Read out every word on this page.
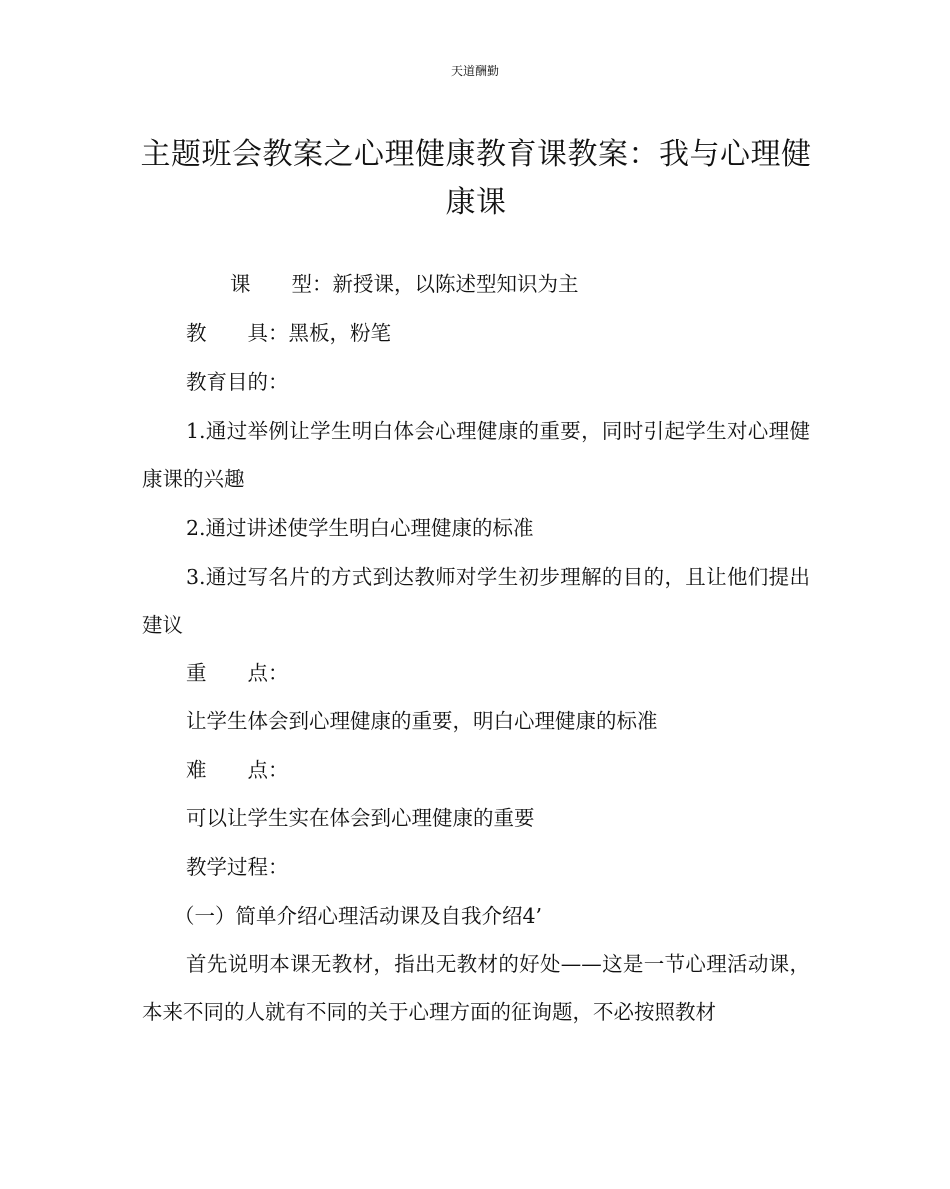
天道酬勤
主题班会教案之心理健康教育课教案：我与心理健康课
课　　型：新授课，以陈述型知识为主
教　　具：黑板，粉笔
教育目的：
1.通过举例让学生明白体会心理健康的重要，同时引起学生对心理健康课的兴趣
2.通过讲述使学生明白心理健康的标准
3.通过写名片的方式到达教师对学生初步理解的目的，且让他们提出建议
重　　点：
让学生体会到心理健康的重要，明白心理健康的标准
难　　点：
可以让学生实在体会到心理健康的重要
教学过程：
（一）简单介绍心理活动课及自我介绍4’
首先说明本课无教材，指出无教材的好处——这是一节心理活动课，本来不同的人就有不同的关于心理方面的征询题，不必按照教材
